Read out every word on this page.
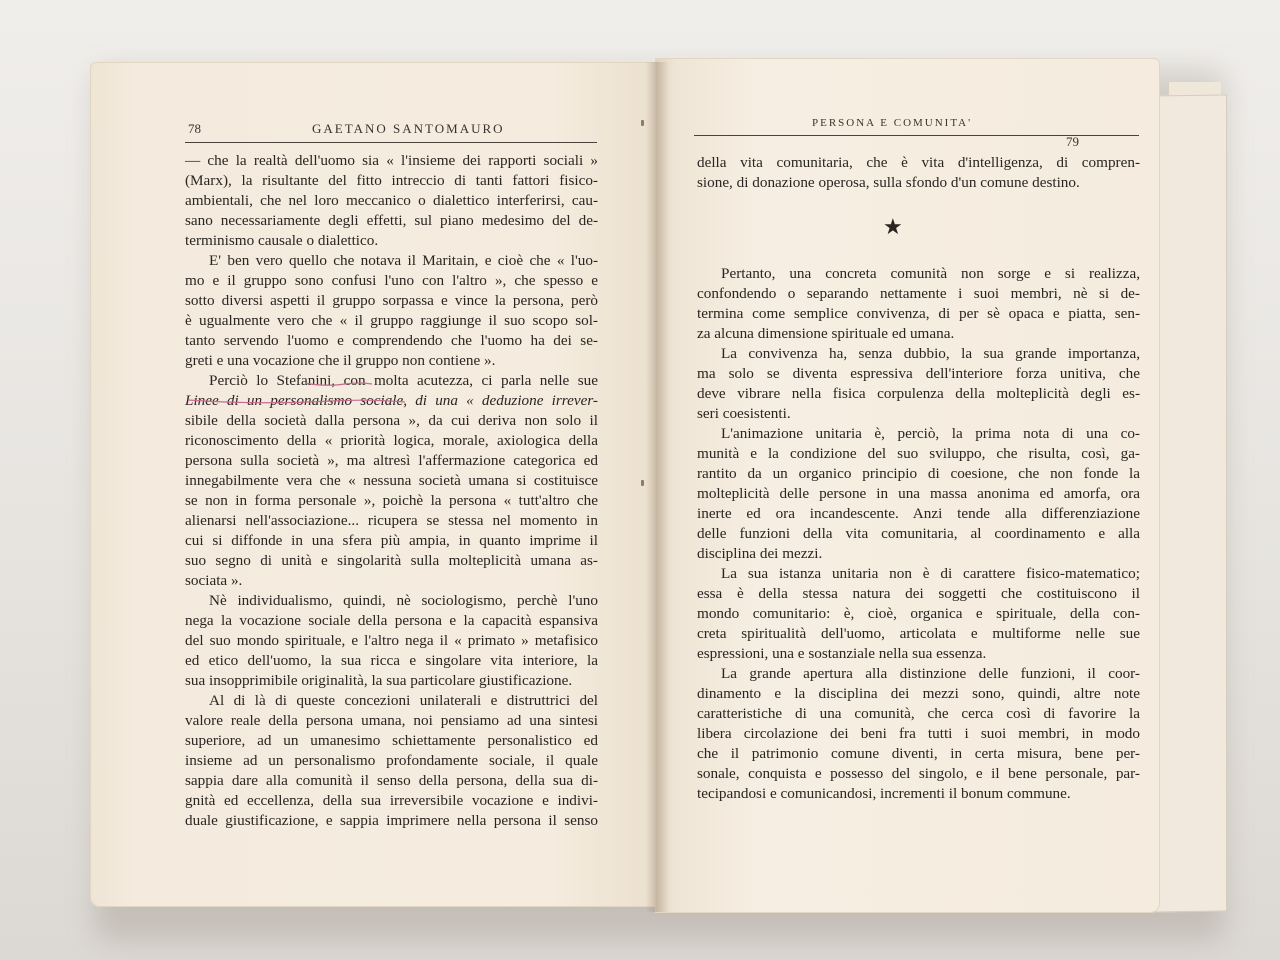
78	GAETANO SANTOMAURO
— che la realtà dell'uomo sia « l'insieme dei rapporti sociali »
(Marx), la risultante del fitto intreccio di tanti fattori fisico-
ambientali, che nel loro meccanico o dialettico interferirsi, cau-
sano necessariamente degli effetti, sul piano medesimo del de-
terminismo causale o dialettico.
E' ben vero quello che notava il Maritain, e cioè che « l'uo-
mo e il gruppo sono confusi l'uno con l'altro », che spesso e
sotto diversi aspetti il gruppo sorpassa e vince la persona, però
è ugualmente vero che « il gruppo raggiunge il suo scopo sol-
tanto servendo l'uomo e comprendendo che l'uomo ha dei se-
greti e una vocazione che il gruppo non contiene ».
Perciò lo Stefanini, con molta acutezza, ci parla nelle sue
Linee di un personalismo sociale, di una « deduzione irrever-
sibile della società dalla persona », da cui deriva non solo il
riconoscimento della « priorità logica, morale, axiologica della
persona sulla società », ma altresì l'affermazione categorica ed
innegabilmente vera che « nessuna società umana si costituisce
se non in forma personale », poichè la persona « tutt'altro che
alienarsi nell'associazione... ricupera se stessa nel momento in
cui si diffonde in una sfera più ampia, in quanto imprime il
suo segno di unità e singolarità sulla molteplicità umana as-
sociata ».
Nè individualismo, quindi, nè sociologismo, perchè l'uno
nega la vocazione sociale della persona e la capacità espansiva
del suo mondo spirituale, e l'altro nega il « primato » metafisico
ed etico dell'uomo, la sua ricca e singolare vita interiore, la
sua insopprimibile originalità, la sua particolare giustificazione.
Al di là di queste concezioni unilaterali e distruttrici del
valore reale della persona umana, noi pensiamo ad una sintesi
superiore, ad un umanesimo schiettamente personalistico ed
insieme ad un personalismo profondamente sociale, il quale
sappia dare alla comunità il senso della persona, della sua di-
gnità ed eccellenza, della sua irreversibile vocazione e indivi-
duale giustificazione, e sappia imprimere nella persona il senso
PERSONA E COMUNITA'
79
della vita comunitaria, che è vita d'intelligenza, di compren-
sione, di donazione operosa, sulla sfondo d'un comune destino.
★
Pertanto, una concreta comunità non sorge e si realizza,
confondendo o separando nettamente i suoi membri, nè si de-
termina come semplice convivenza, di per sè opaca e piatta, sen-
za alcuna dimensione spirituale ed umana.
La convivenza ha, senza dubbio, la sua grande importanza,
ma solo se diventa espressiva dell'interiore forza unitiva, che
deve vibrare nella fisica corpulenza della molteplicità degli es-
seri coesistenti.
L'animazione unitaria è, perciò, la prima nota di una co-
munità e la condizione del suo sviluppo, che risulta, così, ga-
rantito da un organico principio di coesione, che non fonde la
molteplicità delle persone in una massa anonima ed amorfa, ora
inerte ed ora incandescente. Anzi tende alla differenziazione
delle funzioni della vita comunitaria, al coordinamento e alla
disciplina dei mezzi.
La sua istanza unitaria non è di carattere fisico-matematico;
essa è della stessa natura dei soggetti che costituiscono il
mondo comunitario: è, cioè, organica e spirituale, della con-
creta spiritualità dell'uomo, articolata e multiforme nelle sue
espressioni, una e sostanziale nella sua essenza.
La grande apertura alla distinzione delle funzioni, il coor-
dinamento e la disciplina dei mezzi sono, quindi, altre note
caratteristiche di una comunità, che cerca così di favorire la
libera circolazione dei beni fra tutti i suoi membri, in modo
che il patrimonio comune diventi, in certa misura, bene per-
sonale, conquista e possesso del singolo, e il bene personale, par-
tecipandosi e comunicandosi, incrementi il bonum commune.
